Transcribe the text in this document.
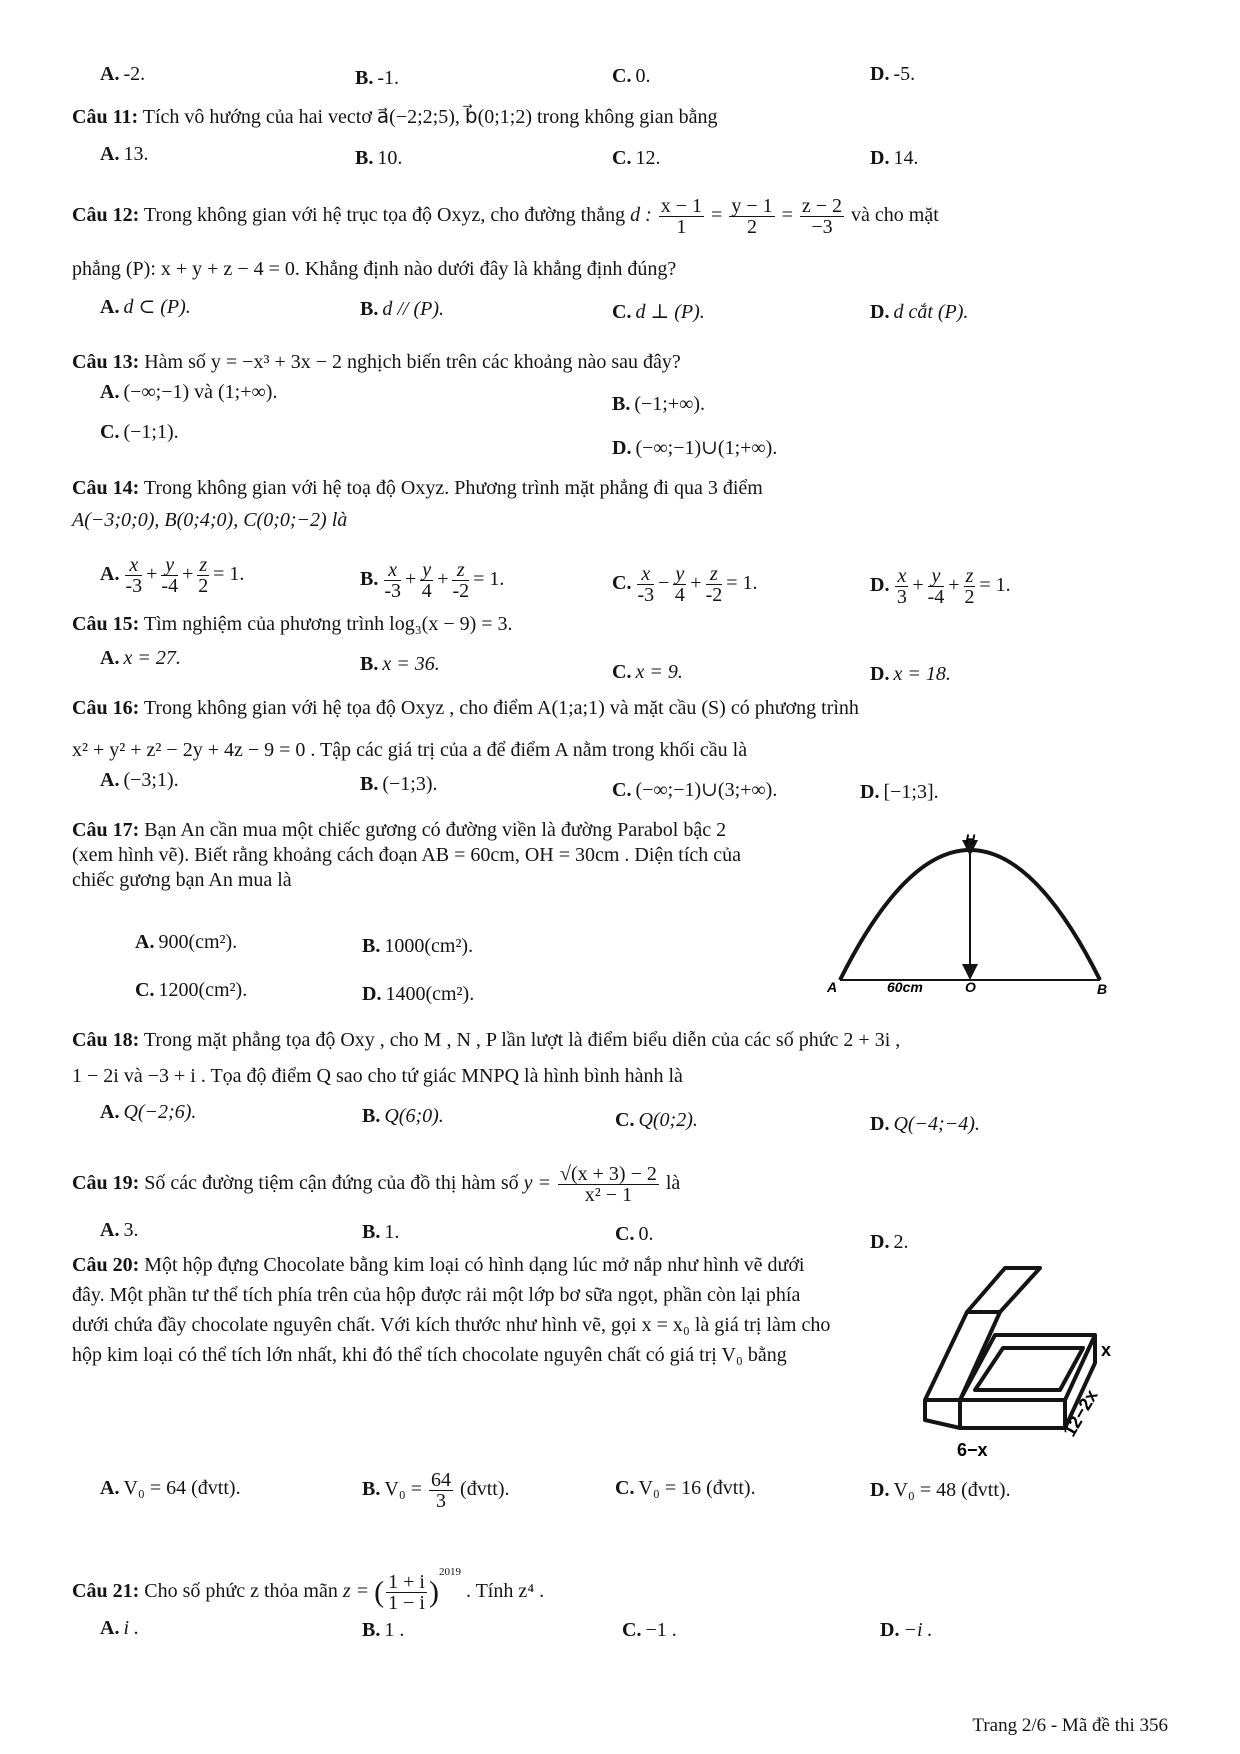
A. -2.	B. -1.	C. 0.	D. -5.
Câu 11: Tích vô hướng của hai vectơ a⃗(−2;2;5), b⃗(0;1;2) trong không gian bằng
A. 13.	B. 10.	C. 12.	D. 14.
Câu 12: Trong không gian với hệ trục tọa độ Oxyz, cho đường thẳng d : $\frac{x - 1}{1} = \frac{y - 1}{2} = \frac{z - 2}{-3}$ và cho mặt
phẳng (P): x + y + z − 4 = 0. Khẳng định nào dưới đây là khẳng định đúng?
A. d ⊂ (P).	B. d // (P).	C. d ⊥ (P).	D. d cắt (P).
Câu 13: Hàm số y = −x³ + 3x − 2 nghịch biến trên các khoảng nào sau đây?
A. (−∞;−1) và (1;+∞).
B. (−1;+∞).
C. (−1;1).
D. (−∞;−1)∪(1;+∞).
Câu 14: Trong không gian với hệ toạ độ Oxyz. Phương trình mặt phẳng đi qua 3 điểm
A(−3;0;0), B(0;4;0), C(0;0;−2) là
A. $\frac{x}{-3} + \frac{y}{-4} + \frac{z}{2} = 1$.	B. $\frac{x}{-3} + \frac{y}{4} + \frac{z}{-2} = 1$.	C. $\frac{x}{-3} - \frac{y}{4} + \frac{z}{-2} = 1$.	D. $\frac{x}{3} + \frac{y}{-4} + \frac{z}{2} = 1$.
Câu 15: Tìm nghiệm của phương trình log₃(x − 9) = 3.
A. x = 27.	B. x = 36.	C. x = 9.	D. x = 18.
Câu 16: Trong không gian với hệ tọa độ Oxyz , cho điểm A(1;a;1) và mặt cầu (S) có phương trình
x² + y² + z² − 2y + 4z − 9 = 0 . Tập các giá trị của a để điểm A nằm trong khối cầu là
A. (−3;1).	B. (−1;3).	C. (−∞;−1)∪(3;+∞).	D. [−1;3].
Câu 17: Bạn An cần mua một chiếc gương có đường viền là đường Parabol bậc 2 (xem hình vẽ). Biết rằng khoảng cách đoạn AB = 60cm, OH = 30cm . Diện tích của chiếc gương bạn An mua là
A. 900(cm²).	B. 1000(cm²).
C. 1200(cm²).	D. 1400(cm²).
H
A	60cm	O	B
Câu 18: Trong mặt phẳng tọa độ Oxy , cho M , N , P lần lượt là điểm biểu diễn của các số phức 2 + 3i ,
1 − 2i và −3 + i . Tọa độ điểm Q sao cho tứ giác MNPQ là hình bình hành là
A. Q(−2;6).	B. Q(6;0).	C. Q(0;2).	D. Q(−4;−4).
Câu 19: Số các đường tiệm cận đứng của đồ thị hàm số $y = \frac{√(x + 3) - 2}{\text{x² − 1}}$ là
A. 3.	B. 1.	C. 0.	D. 2.
Câu 20: Một hộp đựng Chocolate bằng kim loại có hình dạng lúc mở nắp như hình vẽ dưới đây. Một phần tư thể tích phía trên của hộp được rải một lớp bơ sữa ngọt, phần còn lại phía dưới chứa đầy chocolate nguyên chất. Với kích thước như hình vẽ, gọi x = x₀ là giá trị làm cho hộp kim loại có thể tích lớn nhất, khi đó thể tích chocolate nguyên chất có giá trị V₀ bằng	x
12−2x
6−x
A. V₀ = 64 (đvtt).	B. $V_0 = \frac{64}{3}$ (đvtt).	C. V₀ = 16 (đvtt).	D. V₀ = 48 (đvtt).
Câu 21: Cho số phức z thỏa mãn z = ( $\frac{1 + i}{1 - i} )^{2019}$ . Tính z⁴ .
A. i .	B. 1 .	C. −1 .	D. −i .
Trang 2/6 - Mã đề thi 356
